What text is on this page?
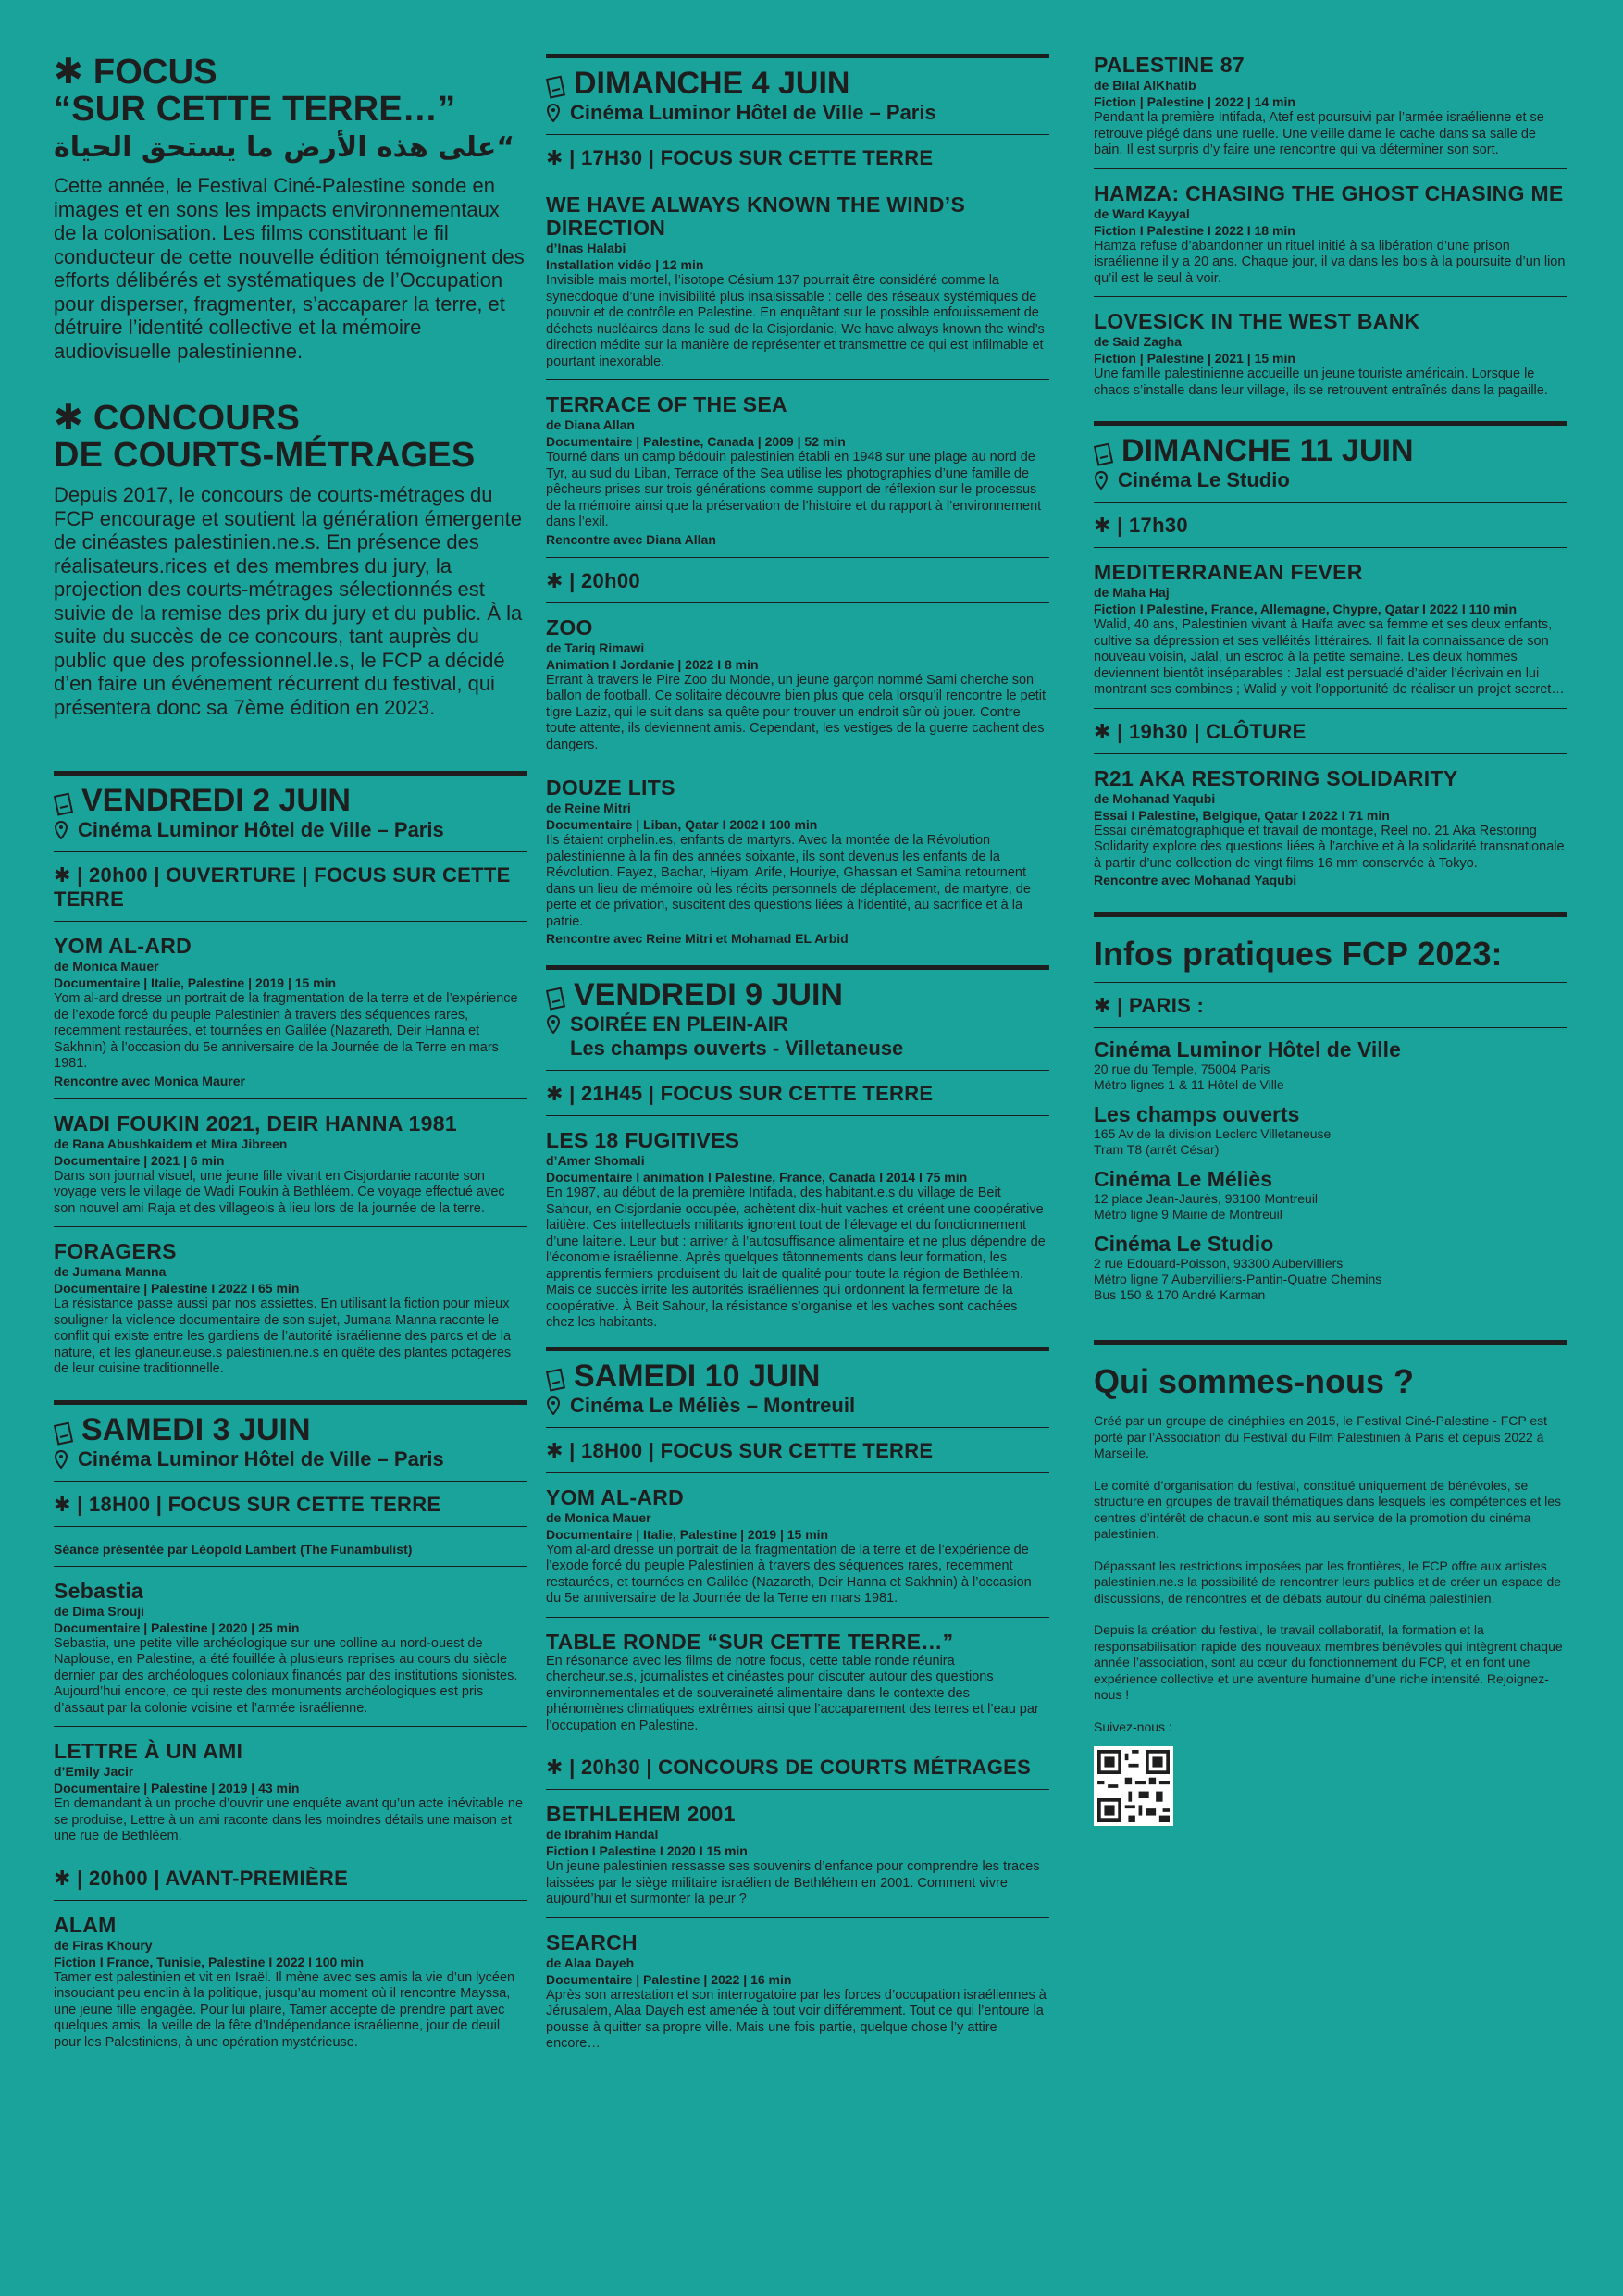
✱ FOCUS
“SUR CETTE TERRE…”
“على هذه الأرض ما يستحق الحياة

Cette année, le Festival Ciné-Palestine sonde en images et en sons les impacts environnementaux de la colonisation. Les films constituant le fil conducteur de cette nouvelle édition témoignent des efforts délibérés et systématiques de l’Occupation pour disperser, fragmenter, s’accaparer la terre, et détruire l’identité collective et la mémoire audiovisuelle palestinienne.

✱ CONCOURS
DE COURTS-MÉTRAGES

Depuis 2017, le concours de courts-métrages du FCP encourage et soutient la génération émergente de cinéastes palestinien.ne.s. En présence des réalisateurs.rices et des membres du jury, la projection des courts-métrages sélectionnés est suivie de la remise des prix du jury et du public. À la suite du succès de ce concours, tant auprès du public que des professionnel.le.s, le FCP a décidé d’en faire un événement récurrent du festival, qui présentera donc sa 7ème édition en 2023.

VENDREDI 2 JUIN
Cinéma Luminor Hôtel de Ville – Paris
✱ | 20h00 | OUVERTURE | FOCUS SUR CETTE TERRE
YOM AL-ARD
de Monica Mauer
Documentaire | Italie, Palestine | 2019 | 15 min
Yom al-ard dresse un portrait de la fragmentation de la terre et de l’expérience de l’exode forcé du peuple Palestinien à travers des séquences rares, recemment restaurées, et tournées en Galilée (Nazareth, Deir Hanna et Sakhnin) à l’occasion du 5e anniversaire de la Journée de la Terre en mars 1981.
Rencontre avec Monica Maurer
WADI FOUKIN 2021, DEIR HANNA 1981
de Rana Abushkaidem et Mira Jibreen
Documentaire | 2021 | 6 min
Dans son journal visuel, une jeune fille vivant en Cisjordanie raconte son voyage vers le village de Wadi Foukin à Bethléem. Ce voyage effectué avec son nouvel ami Raja et des villageois à lieu lors de la journée de la terre.
FORAGERS
de Jumana Manna
Documentaire | Palestine I 2022 I 65 min
La résistance passe aussi par nos assiettes. En utilisant la fiction pour mieux souligner la violence documentaire de son sujet, Jumana Manna raconte le conflit qui existe entre les gardiens de l’autorité israélienne des parcs et de la nature, et les glaneur.euse.s palestinien.ne.s en quête des plantes potagères de leur cuisine traditionnelle.
SAMEDI 3 JUIN
Cinéma Luminor Hôtel de Ville – Paris
✱ | 18H00 | FOCUS SUR CETTE TERRE
Séance présentée par Léopold Lambert (The Funambulist)
Sebastia
de Dima Srouji
Documentaire | Palestine | 2020 | 25 min
Sebastia, une petite ville archéologique sur une colline au nord-ouest de Naplouse, en Palestine, a été fouillée à plusieurs reprises au cours du siècle dernier par des archéologues coloniaux financés par des institutions sionistes. Aujourd’hui encore, ce qui reste des monuments archéologiques est pris d’assaut par la colonie voisine et l’armée israélienne.
LETTRE À UN AMI
d’Emily Jacir
Documentaire | Palestine | 2019 | 43 min
En demandant à un proche d’ouvrir une enquête avant qu’un acte inévitable ne se produise, Lettre à un ami raconte dans les moindres détails une maison et une rue de Bethléem.
✱ | 20h00 | AVANT-PREMIÈRE
ALAM
de Firas Khoury
Fiction I France, Tunisie, Palestine I 2022 I 100 min
Tamer est palestinien et vit en Israël. Il mène avec ses amis la vie d’un lycéen insouciant peu enclin à la politique, jusqu’au moment où il rencontre Mayssa, une jeune fille engagée. Pour lui plaire, Tamer accepte de prendre part avec quelques amis, la veille de la fête d’Indépendance israélienne, jour de deuil pour les Palestiniens, à une opération mystérieuse.
DIMANCHE 4 JUIN
Cinéma Luminor Hôtel de Ville – Paris
✱ | 17H30 | FOCUS SUR CETTE TERRE
WE HAVE ALWAYS KNOWN THE WIND’S DIRECTION
d’Inas Halabi
Installation vidéo | 12 min
Invisible mais mortel, l’isotope Césium 137 pourrait être considéré comme la synecdoque d’une invisibilité plus insaisissable : celle des réseaux systémiques de pouvoir et de contrôle en Palestine. En enquêtant sur le possible enfouissement de déchets nucléaires dans le sud de la Cisjordanie, We have always known the wind’s direction médite sur la manière de représenter et transmettre ce qui est infilmable et pourtant inexorable.
TERRACE OF THE SEA
de Diana Allan
Documentaire | Palestine, Canada | 2009 | 52 min
Tourné dans un camp bédouin palestinien établi en 1948 sur une plage au nord de Tyr, au sud du Liban, Terrace of the Sea utilise les photographies d’une famille de pêcheurs prises sur trois générations comme support de réflexion sur le processus de la mémoire ainsi que la préservation de l’histoire et du rapport à l’environnement dans l’exil.
Rencontre avec Diana Allan
✱ | 20h00
ZOO
de Tariq Rimawi
Animation I Jordanie | 2022 I 8 min
Errant à travers le Pire Zoo du Monde, un jeune garçon nommé Sami cherche son ballon de football. Ce solitaire découvre bien plus que cela lorsqu’il rencontre le petit tigre Laziz, qui le suit dans sa quête pour trouver un endroit sûr où jouer. Contre toute attente, ils deviennent amis. Cependant, les vestiges de la guerre cachent des dangers.
DOUZE LITS
de Reine Mitri
Documentaire | Liban, Qatar I 2002 I 100 min
Ils étaient orphelin.es, enfants de martyrs. Avec la montée de la Révolution palestinienne à la fin des années soixante, ils sont devenus les enfants de la Révolution. Fayez, Bachar, Hiyam, Arife, Houriye, Ghassan et Samiha retournent dans un lieu de mémoire où les récits personnels de déplacement, de martyre, de perte et de privation, suscitent des questions liées à l’identité, au sacrifice et à la patrie.
Rencontre avec Reine Mitri et Mohamad EL Arbid
VENDREDI 9 JUIN
SOIRÉE EN PLEIN-AIR
Les champs ouverts - Villetaneuse
✱ | 21H45 | FOCUS SUR CETTE TERRE
LES 18 FUGITIVES
d’Amer Shomali
Documentaire I animation I Palestine, France, Canada I 2014 I 75 min
En 1987, au début de la première Intifada, des habitant.e.s du village de Beit Sahour, en Cisjordanie occupée, achètent dix-huit vaches et créent une coopérative laitière. Ces intellectuels militants ignorent tout de l’élevage et du fonctionnement d’une laiterie. Leur but : arriver à l’autosuffisance alimentaire et ne plus dépendre de l’économie israélienne. Après quelques tâtonnements dans leur formation, les apprentis fermiers produisent du lait de qualité pour toute la région de Bethléem. Mais ce succès irrite les autorités israéliennes qui ordonnent la fermeture de la coopérative. À Beit Sahour, la résistance s’organise et les vaches sont cachées chez les habitants.
SAMEDI 10 JUIN
Cinéma Le Méliès – Montreuil
✱ | 18H00 | FOCUS SUR CETTE TERRE
YOM AL-ARD
de Monica Mauer
Documentaire | Italie, Palestine | 2019 | 15 min
Yom al-ard dresse un portrait de la fragmentation de la terre et de l’expérience de l’exode forcé du peuple Palestinien à travers des séquences rares, recemment restaurées, et tournées en Galilée (Nazareth, Deir Hanna et Sakhnin) à l’occasion du 5e anniversaire de la Journée de la Terre en mars 1981.
TABLE RONDE “SUR CETTE TERRE…”
En résonance avec les films de notre focus, cette table ronde réunira chercheur.se.s, journalistes et cinéastes pour discuter autour des questions environnementales et de souveraineté alimentaire dans le contexte des phénomènes climatiques extrêmes ainsi que l’accaparement des terres et l’eau par l’occupation en Palestine.
✱ | 20h30 | CONCOURS DE COURTS MÉTRAGES
BETHLEHEM 2001
de Ibrahim Handal
Fiction I Palestine I 2020 I 15 min
Un jeune palestinien ressasse ses souvenirs d’enfance pour comprendre les traces laissées par le siège militaire israélien de Bethléhem en 2001. Comment vivre aujourd’hui et surmonter la peur ?
SEARCH
de Alaa Dayeh
Documentaire | Palestine | 2022 | 16 min
Après son arrestation et son interrogatoire par les forces d’occupation israéliennes à Jérusalem, Alaa Dayeh est amenée à tout voir différemment. Tout ce qui l’entoure la pousse à quitter sa propre ville. Mais une fois partie, quelque chose l’y attire encore…
PALESTINE 87
de Bilal AlKhatib
Fiction | Palestine | 2022 | 14 min
Pendant la première Intifada, Atef est poursuivi par l’armée israélienne et se retrouve piégé dans une ruelle. Une vieille dame le cache dans sa salle de bain. Il est surpris d’y faire une rencontre qui va déterminer son sort.
HAMZA: CHASING THE GHOST CHASING ME
de Ward Kayyal
Fiction I Palestine I 2022 I 18 min
Hamza refuse d’abandonner un rituel initié à sa libération d’une prison israélienne il y a 20 ans. Chaque jour, il va dans les bois à la poursuite d’un lion qu’il est le seul à voir.
LOVESICK IN THE WEST BANK
de Said Zagha
Fiction | Palestine | 2021 | 15 min
Une famille palestinienne accueille un jeune touriste américain. Lorsque le chaos s’installe dans leur village, ils se retrouvent entraînés dans la pagaille.
DIMANCHE 11 JUIN
Cinéma Le Studio
✱ | 17h30
MEDITERRANEAN FEVER
de Maha Haj
Fiction I Palestine, France, Allemagne, Chypre, Qatar I 2022 I 110 min
Walid, 40 ans, Palestinien vivant à Haïfa avec sa femme et ses deux enfants, cultive sa dépression et ses velléités littéraires. Il fait la connaissance de son nouveau voisin, Jalal, un escroc à la petite semaine. Les deux hommes deviennent bientôt inséparables : Jalal est persuadé d’aider l’écrivain en lui montrant ses combines ; Walid y voit l’opportunité de réaliser un projet secret…
✱ | 19h30 | CLÔTURE
R21 AKA RESTORING SOLIDARITY
de Mohanad Yaqubi
Essai I Palestine, Belgique, Qatar I 2022 I 71 min
Essai cinématographique et travail de montage, Reel no. 21 Aka Restoring Solidarity explore des questions liées à l’archive et à la solidarité transnationale à partir d’une collection de vingt films 16 mm conservée à Tokyo.
Rencontre avec Mohanad Yaqubi
Infos pratiques FCP 2023:
✱ | PARIS :
Cinéma Luminor Hôtel de Ville
20 rue du Temple, 75004 Paris
Métro lignes 1 & 11 Hôtel de Ville
Les champs ouverts
165 Av de la division Leclerc Villetaneuse
Tram T8 (arrêt César)
Cinéma Le Méliès
12 place Jean-Jaurès, 93100 Montreuil
Métro ligne 9 Mairie de Montreuil
Cinéma Le Studio
2 rue Edouard-Poisson, 93300 Aubervilliers
Métro ligne 7 Aubervilliers-Pantin-Quatre Chemins
Bus 150 & 170 André Karman
Qui sommes-nous ?

Créé par un groupe de cinéphiles en 2015, le Festival Ciné-Palestine - FCP est porté par l’Association du Festival du Film Palestinien à Paris et depuis 2022 à Marseille.

Le comité d’organisation du festival, constitué uniquement de bénévoles, se structure en groupes de travail thématiques dans lesquels les compétences et les centres d’intérêt de chacun.e sont mis au service de la promotion du cinéma palestinien.

Dépassant les restrictions imposées par les frontières, le FCP offre aux artistes palestinien.ne.s la possibilité de rencontrer leurs publics et de créer un espace de discussions, de rencontres et de débats autour du cinéma palestinien.

Depuis la création du festival, le travail collaboratif, la formation et la responsabilisation rapide des nouveaux membres bénévoles qui intègrent chaque année l’association, sont au cœur du fonctionnement du FCP, et en font une expérience collective et une aventure humaine d’une riche intensité. Rejoignez-nous !

Suivez-nous :
